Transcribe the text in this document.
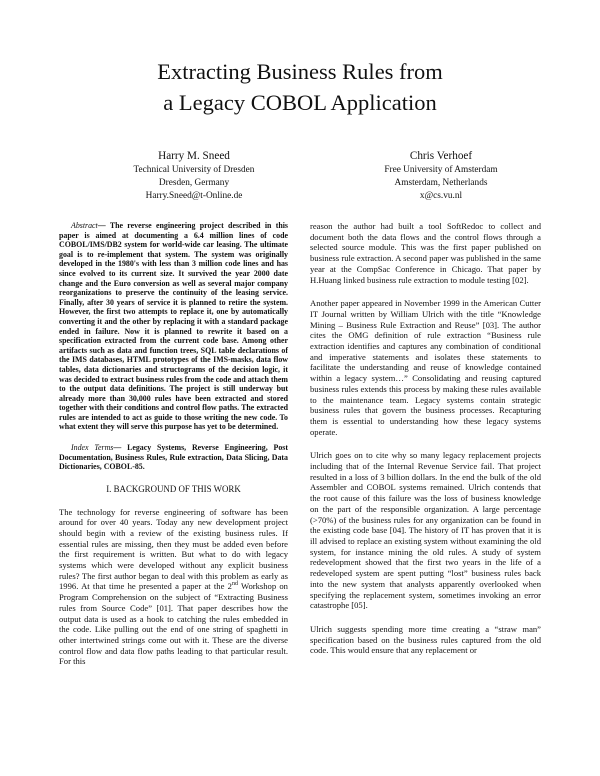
Extracting Business Rules from
a Legacy COBOL Application
Harry M. Sneed
Technical University of Dresden
Dresden, Germany
Harry.Sneed@t-Online.de
Chris Verhoef
Free University of Amsterdam
Amsterdam, Netherlands
x@cs.vu.nl

Abstract— The reverse engineering project described in this paper is aimed at documenting a 6.4 million lines of code COBOL/IMS/DB2 system for world-wide car leasing. The ultimate goal is to re-implement that system. The system was originally developed in the 1980's with less than 3 million code lines and has since evolved to its current size. It survived the year 2000 date change and the Euro conversion as well as several major company reorganizations to preserve the continuity of the leasing service. Finally, after 30 years of service it is planned to retire the system. However, the first two attempts to replace it, one by automatically converting it and the other by replacing it with a standard package ended in failure. Now it is planned to rewrite it based on a specification extracted from the current code base. Among other artifacts such as data and function trees, SQL table declarations of the IMS databases, HTML prototypes of the IMS-masks, data flow tables, data dictionaries and structograms of the decision logic, it was decided to extract business rules from the code and attach them to the output data definitions. The project is still underway but already more than 30,000 rules have been extracted and stored together with their conditions and control flow paths. The extracted rules are intended to act as guide to those writing the new code. To what extent they will serve this purpose has yet to be determined.

Index Terms— Legacy Systems, Reverse Engineering, Post Documentation, Business Rules, Rule extraction, Data Slicing, Data Dictionaries, COBOL-85.

I. BACKGROUND OF THIS WORK

The technology for reverse engineering of software has been around for over 40 years. Today any new development project should begin with a review of the existing business rules. If essential rules are missing, then they must be added even before the first requirement is written. But what to do with legacy systems which were developed without any explicit business rules? The first author began to deal with this problem as early as 1996. At that time he presented a paper at the 2nd Workshop on Program Comprehension on the subject of “Extracting Business rules from Source Code” [01]. That paper describes how the output data is used as a hook to catching the rules embedded in the code. Like pulling out the end of one string of spaghetti in other intertwined strings come out with it. These are the diverse control flow and data flow paths leading to that particular result. For this

reason the author had built a tool SoftRedoc to collect and document both the data flows and the control flows through a selected source module. This was the first paper published on business rule extraction. A second paper was published in the same year at the CompSac Conference in Chicago. That paper by H.Huang linked business rule extraction to module testing [02].

Another paper appeared in November 1999 in the American Cutter IT Journal written by William Ulrich with the title “Knowledge Mining – Business Rule Extraction and Reuse” [03]. The author cites the OMG definition of rule extraction “Business rule extraction identifies and captures any combination of conditional and imperative statements and isolates these statements to facilitate the understanding and reuse of knowledge contained within a legacy system…” Consolidating and reusing captured business rules extends this process by making these rules available to the maintenance team. Legacy systems contain strategic business rules that govern the business processes. Recapturing them is essential to understanding how these legacy systems operate.

Ulrich goes on to cite why so many legacy replacement projects including that of the Internal Revenue Service fail. That project resulted in a loss of 3 billion dollars. In the end the bulk of the old Assembler and COBOL systems remained. Ulrich contends that the root cause of this failure was the loss of business knowledge on the part of the responsible organization. A large percentage (>70%) of the business rules for any organization can be found in the existing code base [04]. The history of IT has proven that it is ill advised to replace an existing system without examining the old system, for instance mining the old rules. A study of system redevelopment showed that the first two years in the life of a redeveloped system are spent putting “lost” business rules back into the new system that analysts apparently overlooked when specifying the replacement system, sometimes invoking an error catastrophe [05].

Ulrich suggests spending more time creating a “straw man” specification based on the business rules captured from the old code. This would ensure that any replacement or
